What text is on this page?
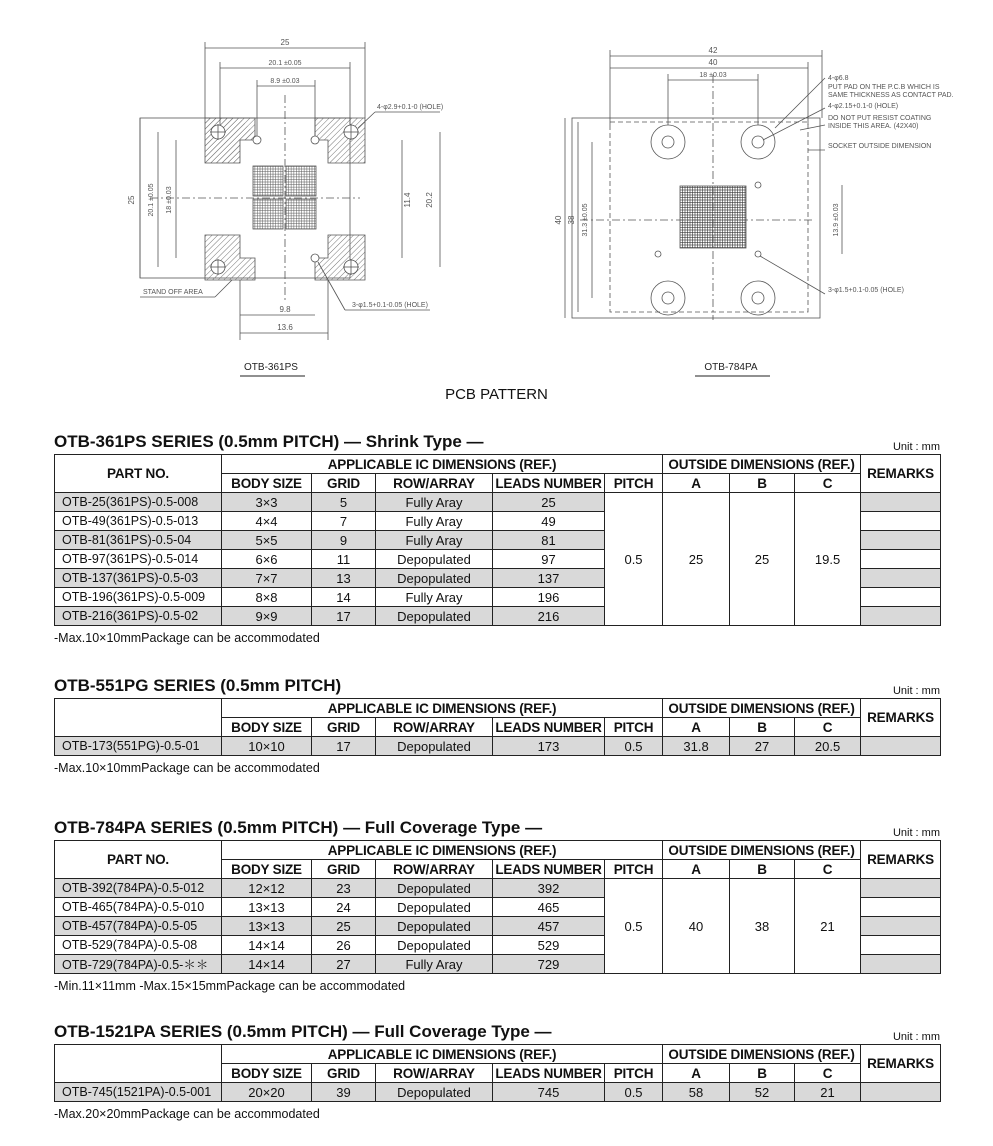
25
20.1 ±0.05
8.9 ±0.03
4-φ2.9+0.1-0 (HOLE)
25 20.1 ±0.05 18 ±0.03	11.4 20.2
9.8
13.6
3-φ1.5+0.1-0.05 (HOLE)
STAND OFF AREA
OTB-361PS
42
40
18 ±0.03
40 38 31.3 ±0.05	13.9 ±0.03
4-φ6.8
PUT PAD ON THE P.C.B WHICH IS
SAME THICKNESS AS CONTACT PAD.
4-φ2.15+0.1-0 (HOLE)
DO NOT PUT RESIST COATING
INSIDE THIS AREA. (42X40)
SOCKET OUTSIDE DIMENSION
3-φ1.5+0.1-0.05 (HOLE)
OTB-784PA
PCB PATTERN
OTB-361PS SERIES (0.5mm PITCH) ― Shrink Type ―	Unit : mm
PART NO.	APPLICABLE IC DIMENSIONS (REF.)					OUTSIDE DIMENSIONS (REF.)			REMARKS
	BODY SIZE	GRID	ROW/ARRAY	LEADS NUMBER	PITCH	A	B	C	
OTB-25(361PS)-0.5-008	3×3	5	Fully Aray	25	0.5	25	25	19.5	
OTB-49(361PS)-0.5-013	4×4	7	Fully Aray	49					
OTB-81(361PS)-0.5-04	5×5	9	Fully Aray	81					
OTB-97(361PS)-0.5-014	6×6	11	Depopulated	97					
OTB-137(361PS)-0.5-03	7×7	13	Depopulated	137					
OTB-196(361PS)-0.5-009	8×8	14	Fully Aray	196					
OTB-216(361PS)-0.5-02	9×9	17	Depopulated	216					
-Max.10×10mmPackage can be accommodated
OTB-551PG SERIES (0.5mm PITCH)	Unit : mm
	APPLICABLE IC DIMENSIONS (REF.)					OUTSIDE DIMENSIONS (REF.)			REMARKS
	BODY SIZE	GRID	ROW/ARRAY	LEADS NUMBER	PITCH	A	B	C	
OTB-173(551PG)-0.5-01	10×10	17	Depopulated	173	0.5	31.8	27	20.5	
-Max.10×10mmPackage can be accommodated
OTB-784PA SERIES (0.5mm PITCH) ― Full Coverage Type ―	Unit : mm
PART NO.	APPLICABLE IC DIMENSIONS (REF.)					OUTSIDE DIMENSIONS (REF.)			REMARKS
	BODY SIZE	GRID	ROW/ARRAY	LEADS NUMBER	PITCH	A	B	C	
OTB-392(784PA)-0.5-012	12×12	23	Depopulated	392	0.5	40	38	21	
OTB-465(784PA)-0.5-010	13×13	24	Depopulated	465					
OTB-457(784PA)-0.5-05	13×13	25	Depopulated	457					
OTB-529(784PA)-0.5-08	14×14	26	Depopulated	529					
OTB-729(784PA)-0.5-＊＊	14×14	27	Fully Aray	729					
-Min.11×11mm -Max.15×15mmPackage can be accommodated
OTB-1521PA SERIES (0.5mm PITCH) ― Full Coverage Type ―	Unit : mm
	APPLICABLE IC DIMENSIONS (REF.)					OUTSIDE DIMENSIONS (REF.)			REMARKS
	BODY SIZE	GRID	ROW/ARRAY	LEADS NUMBER	PITCH	A	B	C	
OTB-745(1521PA)-0.5-001	20×20	39	Depopulated	745	0.5	58	52	21	
-Max.20×20mmPackage can be accommodated
